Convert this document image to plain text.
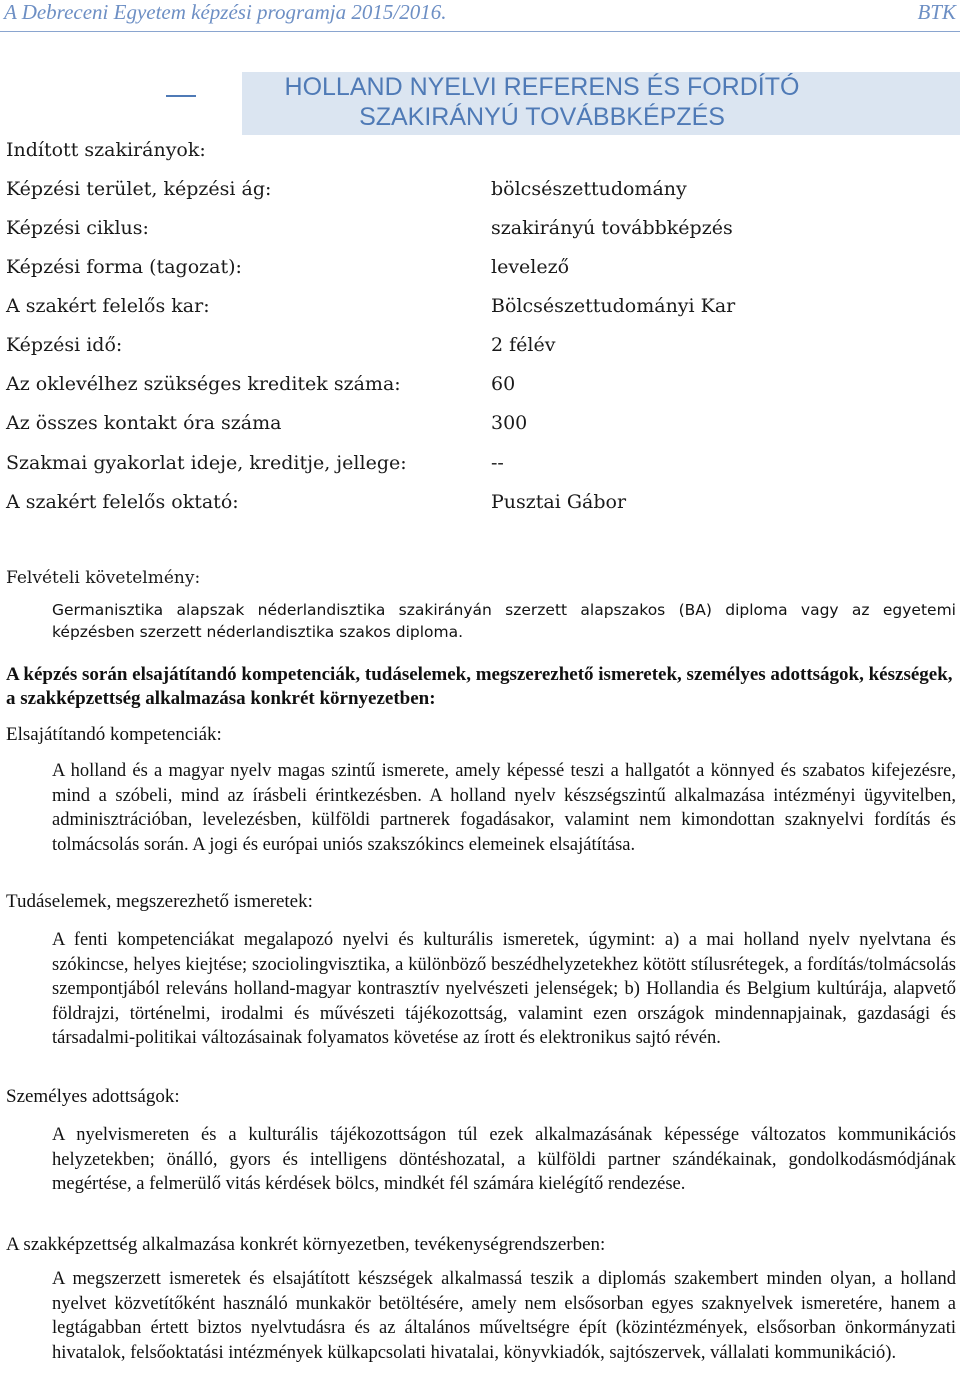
A Debreceni Egyetem képzési programja 2015/2016.	BTK
HOLLAND NYELVI REFERENS ÉS FORDÍTÓ
SZAKIRÁNYÚ TOVÁBBKÉPZÉS
Indított szakirányok:
Képzési terület, képzési ág:	bölcsészettudomány
Képzési ciklus:	szakirányú továbbképzés
Képzési forma (tagozat):	levelező
A szakért felelős kar:	Bölcsészettudományi Kar
Képzési idő:	2 félév
Az oklevélhez szükséges kreditek száma:	60
Az összes kontakt óra száma	300
Szakmai gyakorlat ideje, kreditje, jellege:	--
A szakért felelős oktató:	Pusztai Gábor
Felvételi követelmény:

Germanisztika alapszak néderlandisztika szakirányán szerzett alapszakos (BA) diploma vagy az egyetemi képzésben szerzett néderlandisztika szakos diploma.

A képzés során elsajátítandó kompetenciák, tudáselemek, megszerezhető ismeretek, személyes adottságok, készségek, a szakképzettség alkalmazása konkrét környezetben:
Elsajátítandó kompetenciák:

A holland és a magyar nyelv magas szintű ismerete, amely képessé teszi a hallgatót a könnyed és szabatos kifejezésre, mind a szóbeli, mind az írásbeli érintkezésben. A holland nyelv készségszintű alkalmazása intézményi ügyvitelben, adminisztrációban, levelezésben, külföldi partnerek fogadásakor, valamint nem kimondottan szaknyelvi fordítás és tolmácsolás során. A jogi és európai uniós szakszókincs elemeinek elsajátítása.

Tudáselemek, megszerezhető ismeretek:

A fenti kompetenciákat megalapozó nyelvi és kulturális ismeretek, úgymint: a) a mai holland nyelv nyelvtana és szókincse, helyes kiejtése; szociolingvisztika, a különböző beszédhelyzetekhez kötött stílusrétegek, a fordítás/tolmácsolás szempontjából releváns holland-magyar kontrasztív nyelvészeti jelenségek; b) Hollandia és Belgium kultúrája, alapvető földrajzi, történelmi, irodalmi és művészeti tájékozottság, valamint ezen országok mindennapjainak, gazdasági és társadalmi-politikai változásainak folyamatos követése az írott és elektronikus sajtó révén.

Személyes adottságok:

A nyelvismereten és a kulturális tájékozottságon túl ezek alkalmazásának képessége változatos kommunikációs helyzetekben; önálló, gyors és intelligens döntéshozatal, a külföldi partner szándékainak, gondolkodásmódjának megértése, a felmerülő vitás kérdések bölcs, mindkét fél számára kielégítő rendezése.

A szakképzettség alkalmazása konkrét környezetben, tevékenységrendszerben:

A megszerzett ismeretek és elsajátított készségek alkalmassá teszik a diplomás szakembert minden olyan, a holland nyelvet közvetítőként használó munkakör betöltésére, amely nem elsősorban egyes szaknyelvek ismeretére, hanem a legtágabban értett biztos nyelvtudásra és az általános műveltségre épít (közintézmények, elsősorban önkormányzati hivatalok, felsőoktatási intézmények külkapcsolati hivatalai, könyvkiadók, sajtószervek, vállalati kommunikáció).
